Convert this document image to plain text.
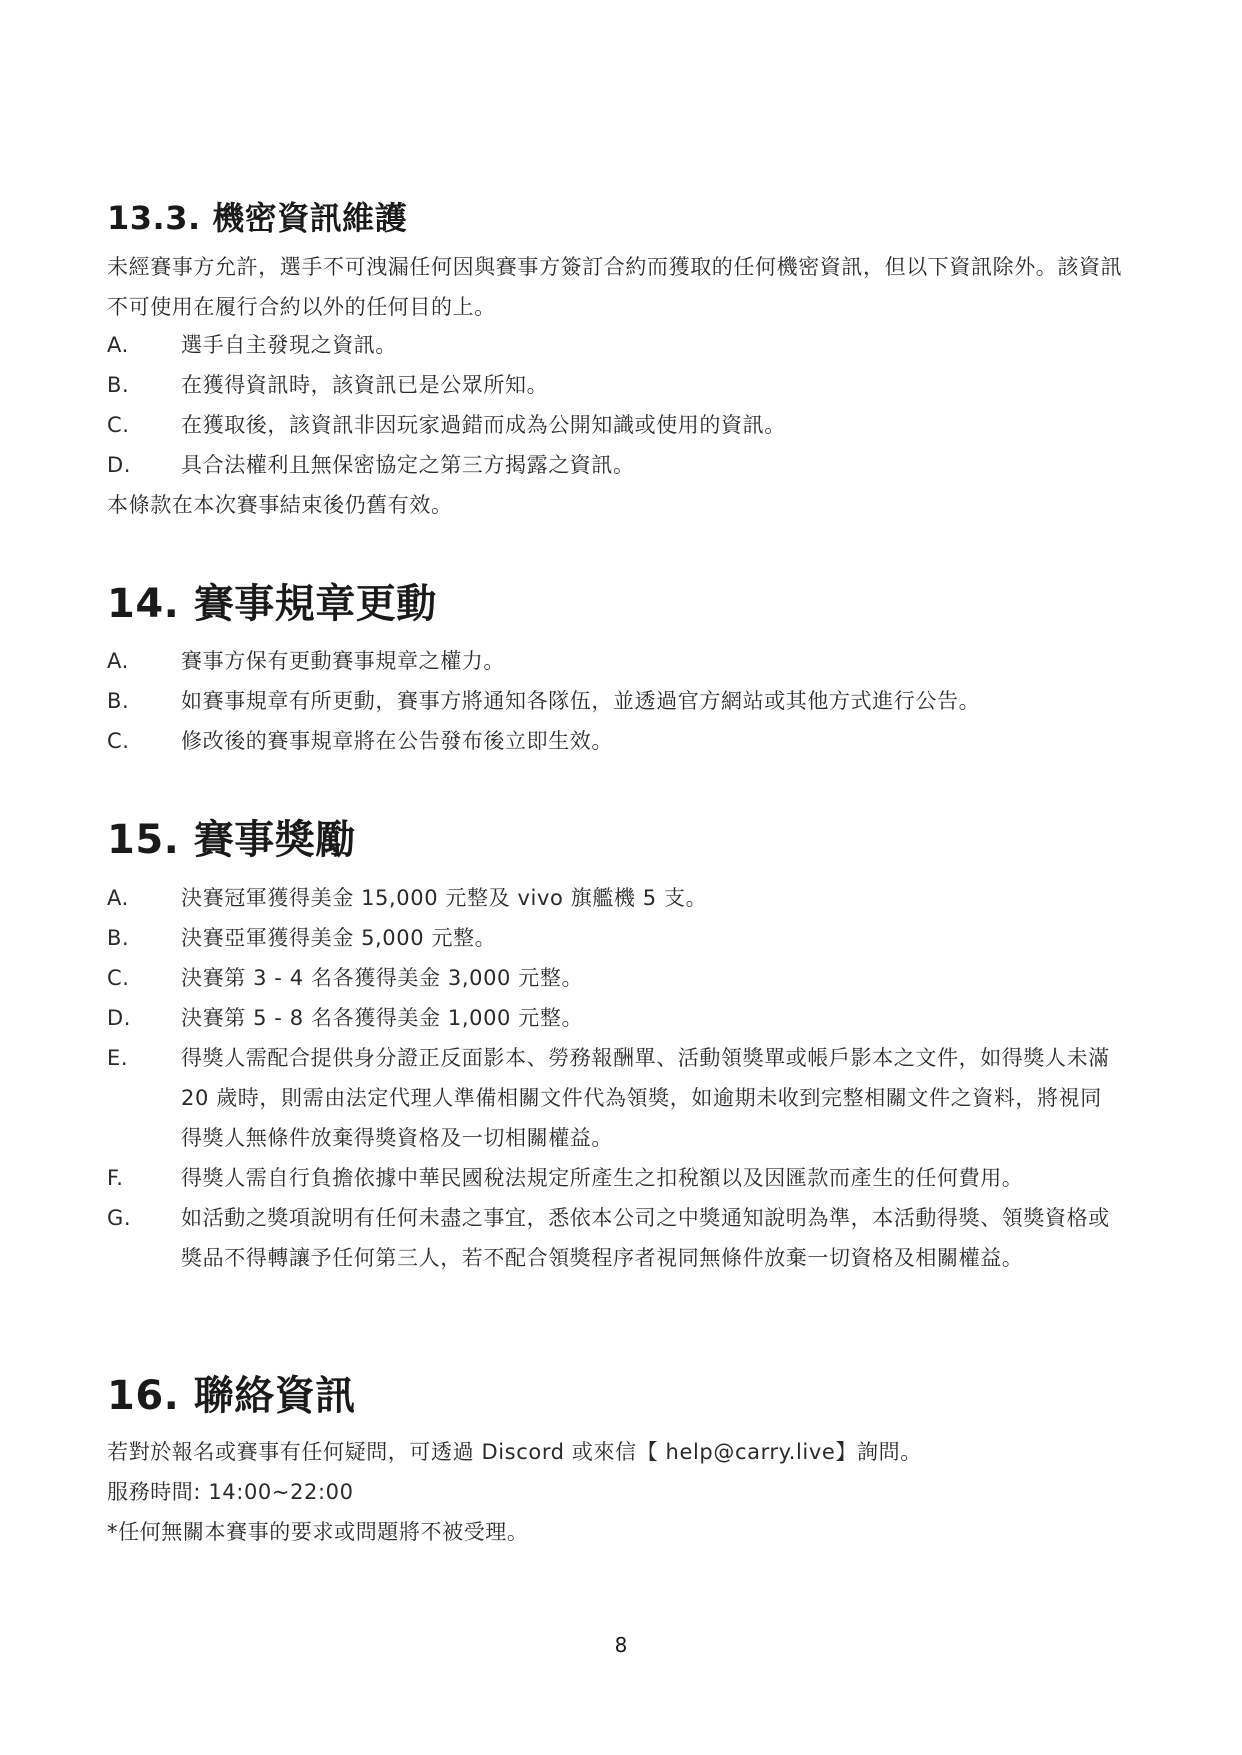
13.3. 機密資訊維護

未經賽事方允許，選手不可洩漏任何因與賽事方簽訂合約而獲取的任何機密資訊，但以下資訊除外。該資訊不可使用在履行合約以外的任何目的上。

A.	選手自主發現之資訊。
B.	在獲得資訊時，該資訊已是公眾所知。
C.	在獲取後，該資訊非因玩家過錯而成為公開知識或使用的資訊。
D.	具合法權利且無保密協定之第三方揭露之資訊。

本條款在本次賽事結束後仍舊有效。

14. 賽事規章更動
A.	賽事方保有更動賽事規章之權力。
B.	如賽事規章有所更動，賽事方將通知各隊伍，並透過官方網站或其他方式進行公告。
C.	修改後的賽事規章將在公告發布後立即生效。
15. 賽事獎勵
A.	決賽冠軍獲得美金 15,000 元整及 vivo 旗艦機 5 支。
B.	決賽亞軍獲得美金 5,000 元整。
C.	決賽第 3 - 4 名各獲得美金 3,000 元整。
D.	決賽第 5 - 8 名各獲得美金 1,000 元整。
E.	得獎人需配合提供身分證正反面影本、勞務報酬單、活動領獎單或帳戶影本之文件，如得獎人未滿 20 歲時，則需由法定代理人準備相關文件代為領獎，如逾期未收到完整相關文件之資料，將視同得獎人無條件放棄得獎資格及一切相關權益。
F.	得獎人需自行負擔依據中華民國稅法規定所產生之扣稅額以及因匯款而產生的任何費用。
G.	如活動之獎項說明有任何未盡之事宜，悉依本公司之中獎通知說明為準，本活動得獎、領獎資格或獎品不得轉讓予任何第三人，若不配合領獎程序者視同無條件放棄一切資格及相關權益。
16. 聯絡資訊

若對於報名或賽事有任何疑問，可透過 Discord 或來信【 help@carry.live】詢問。

服務時間: 14:00~22:00

*任何無關本賽事的要求或問題將不被受理。

8
